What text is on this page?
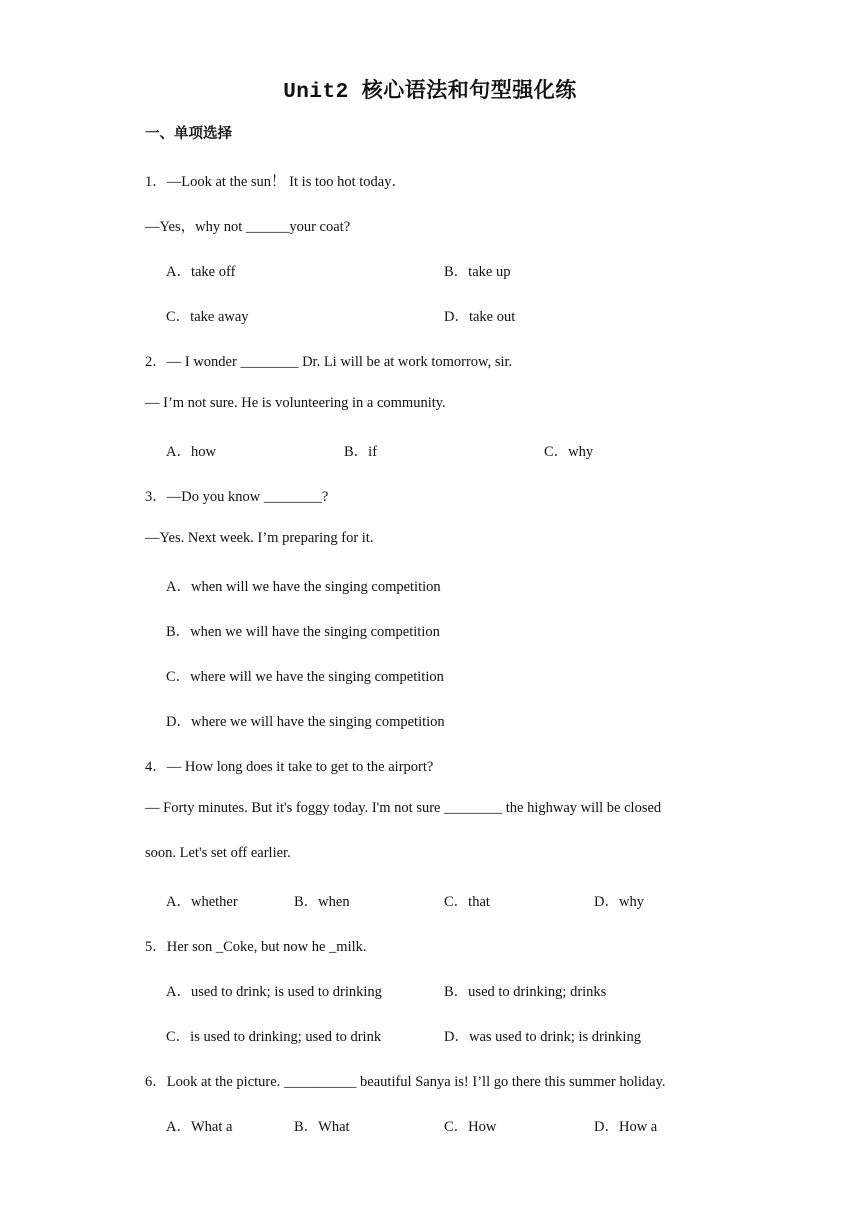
Unit2 核心语法和句型强化练
一、单项选择
1．—Look at the sun！ It is too hot today．
—Yes，why not ______your coat?
A．take off	B．take up
C．take away	D．take out
2．— I wonder ________ Dr. Li will be at work tomorrow, sir.
— I’m not sure. He is volunteering in a community.
A．how	B．if	C．why
3．—Do you know ________?
—Yes. Next week. I’m preparing for it.
A．when will we have the singing competition
B．when we will have the singing competition
C．where will we have the singing competition
D．where we will have the singing competition
4．— How long does it take to get to the airport?
— Forty minutes. But it's foggy today. I'm not sure ________ the highway will be closed
soon. Let's set off earlier.
A．whether	B．when	C．that	D．why
5．Her son _Coke, but now he _milk.
A．used to drink; is used to drinking	B．used to drinking; drinks
C．is used to drinking; used to drink	D．was used to drink; is drinking
6．Look at the picture. __________ beautiful Sanya is! I’ll go there this summer holiday.
A．What a	B．What	C．How	D．How a
